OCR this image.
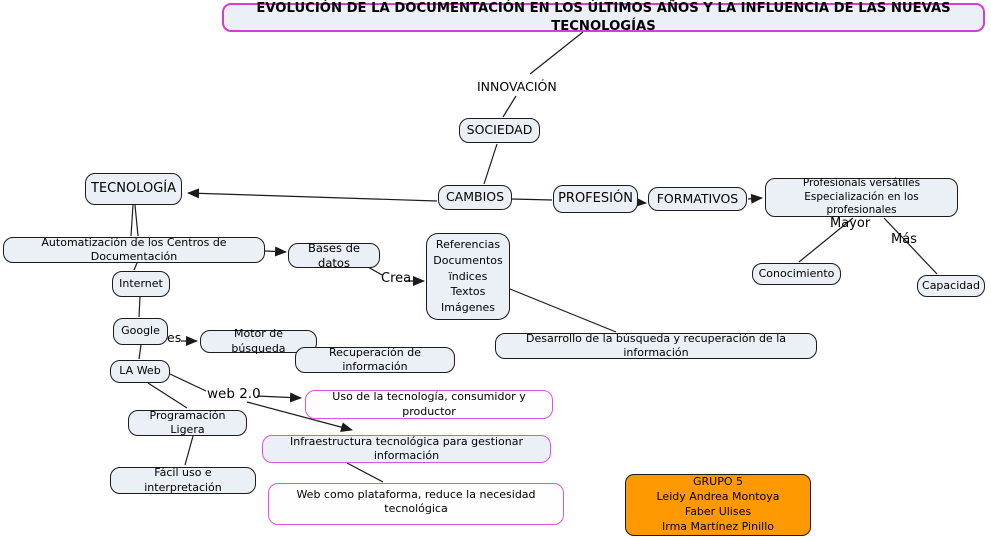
EVOLUCIÓN DE LA DOCUMENTACIÓN EN LOS ÚLTIMOS AÑOS Y LA INFLUENCIA DE LAS NUEVAS TECNOLOGÍAS
INNOVACIÓN
SOCIEDAD
CAMBIOS	PROFESIÓN	FORMATIVOS
Profesionals versátiles
Especialización en los profesionales
Mayor
Más
Conocimiento
Capacidad
TECNOLOGÍA
Automatización de los Centros de Documentación
Bases de datos
Crea
Referencias
Documentos
ïndices
Textos
Imágenes
Internet
Google es	Motor de búsqueda	Recuperación de información
LA Web
Desarrollo de la búsqueda y recuperación de la información
web 2.0	Uso de la tecnología, consumidor y productor
Programación Ligera
Infraestructura tecnológica para gestionar información
Fácil uso e interpretación
Web como plataforma, reduce la necesidad tecnológica
GRUPO 5
Leidy Andrea Montoya
Faber Ulises
Irma Martínez Pinillo
